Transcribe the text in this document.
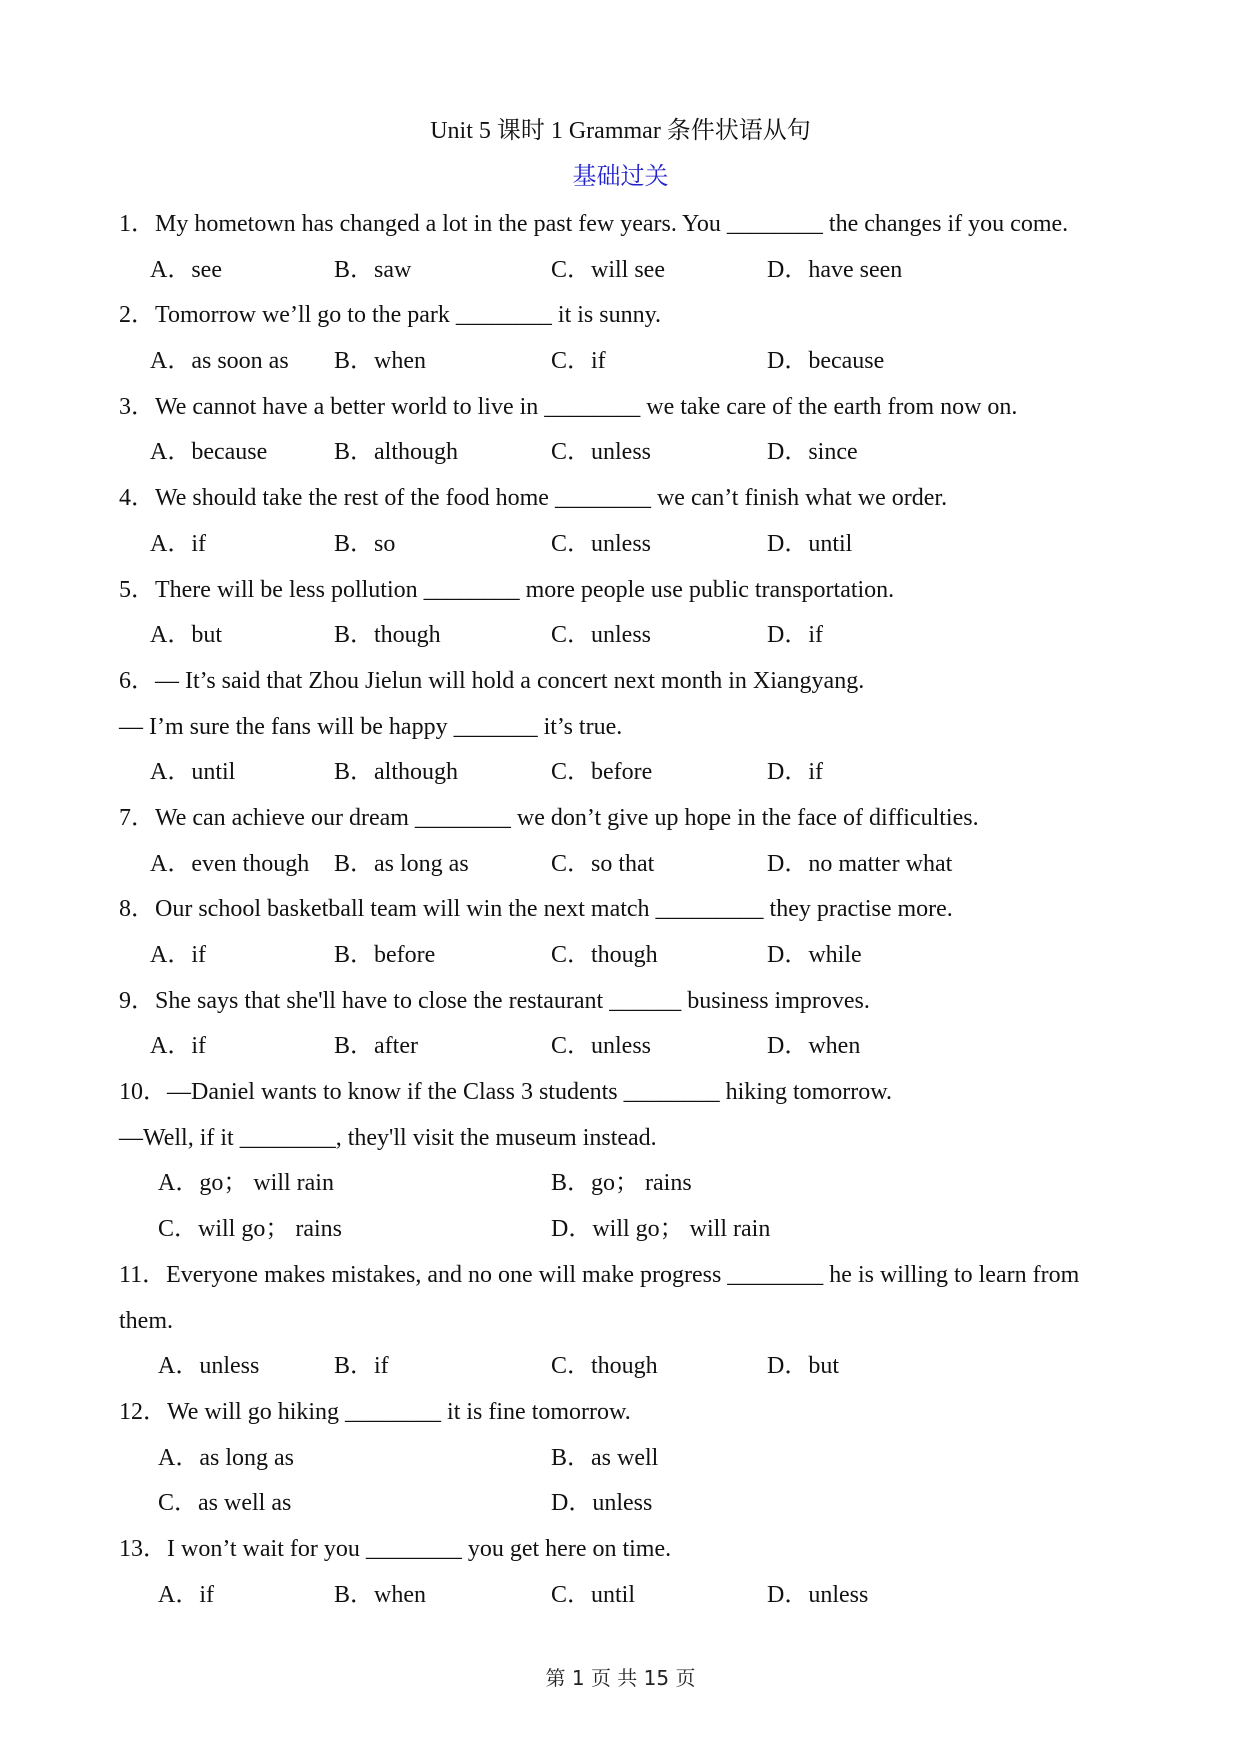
Unit 5 课时 1 Grammar 条件状语从句
基础过关
1．My hometown has changed a lot in the past few years. You ________ the changes if you come.
A．see	B．saw	C．will see	D．have seen
2．Tomorrow we’ll go to the park ________ it is sunny.
A．as soon as B．when	C．if	D．because
3．We cannot have a better world to live in ________ we take care of the earth from now on.
A．because	B．although	C．unless	D．since
4．We should take the rest of the food home ________ we can’t finish what we order.
A．if	B．so	C．unless	D．until
5．There will be less pollution ________ more people use public transportation.
A．but	B．though	C．unless	D．if
6．— It’s said that Zhou Jielun will hold a concert next month in Xiangyang.
— I’m sure the fans will be happy _______ it’s true.
A．until	B．although	C．before	D．if
7．We can achieve our dream ________ we don’t give up hope in the face of difficulties.
A．even though B．as long as	C．so that	D．no matter what
8．Our school basketball team will win the next match _________ they practise more.
A．if	B．before	C．though	D．while
9．She says that she'll have to close the restaurant ______ business improves.
A．if	B．after	C．unless	D．when
10．—Daniel wants to know if the Class 3 students ________ hiking tomorrow.
—Well, if it ________, they'll visit the museum instead.
A．go； will rain	B．go； rains
C．will go； rains	D．will go； will rain
11．Everyone makes mistakes, and no one will make progress ________ he is willing to learn from
them.
A．unless	B．if	C．though	D．but
12．We will go hiking ________ it is fine tomorrow.
A．as long as	B．as well
C．as well as	D．unless
13．I won’t wait for you ________ you get here on time.
A．if	B．when	C．until	D．unless
第 1 页 共 15 页
